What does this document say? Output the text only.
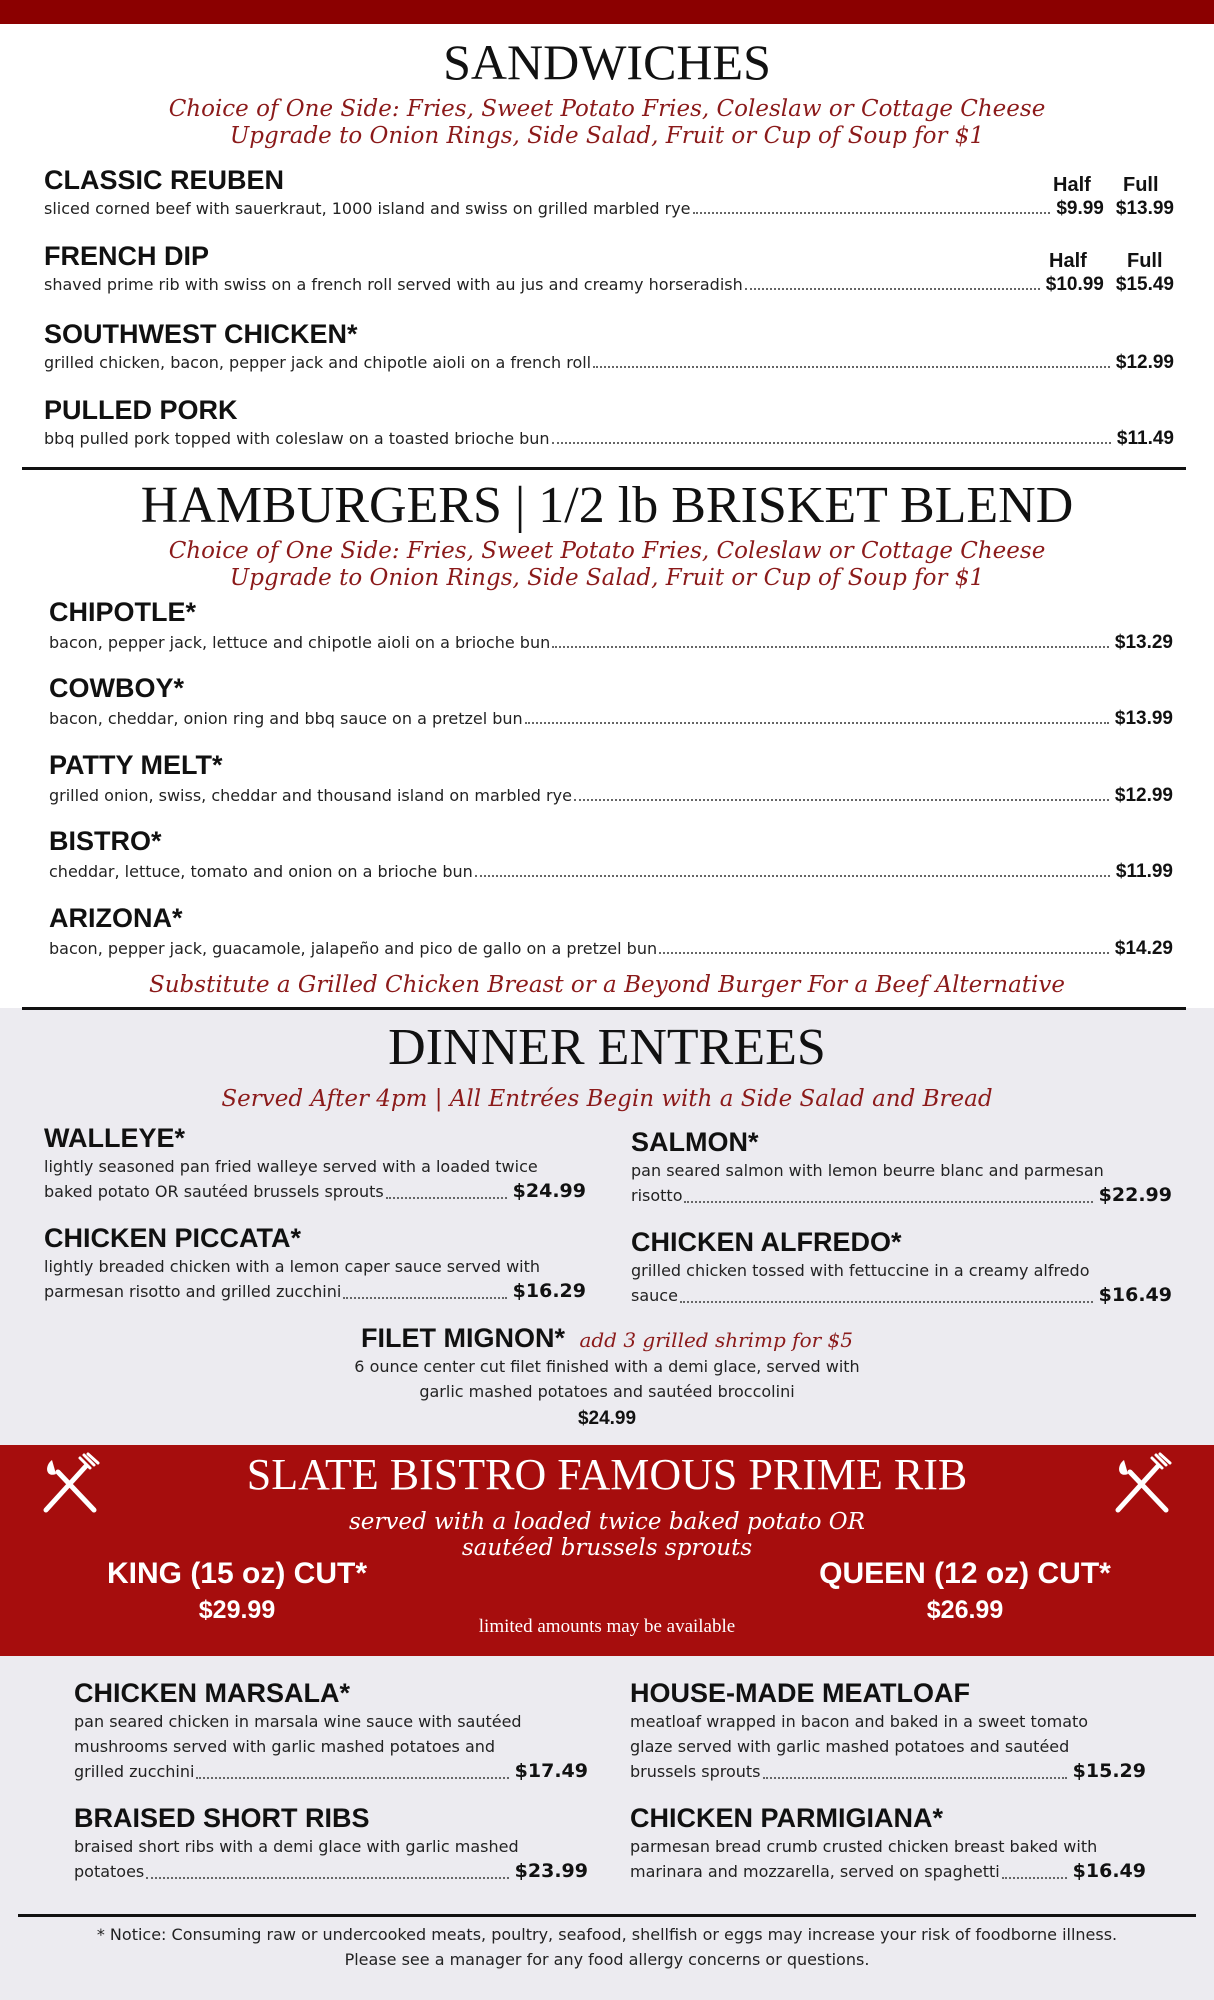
SANDWICHES
Choice of One Side: Fries, Sweet Potato Fries, Coleslaw or Cottage Cheese
Upgrade to Onion Rings, Side Salad, Fruit or Cup of Soup for $1
Half Full
CLASSIC REUBEN
sliced corned beef with sauerkraut, 1000 island and swiss on grilled marbled rye	$9.99 $13.99
Half Full
FRENCH DIP
shaved prime rib with swiss on a french roll served with au jus and creamy horseradish	$10.99 $15.49
SOUTHWEST CHICKEN*
grilled chicken, bacon, pepper jack and chipotle aioli on a french roll	$12.99
PULLED PORK
bbq pulled pork topped with coleslaw on a toasted brioche bun	$11.49
HAMBURGERS | 1/2 lb BRISKET BLEND
Choice of One Side: Fries, Sweet Potato Fries, Coleslaw or Cottage Cheese
Upgrade to Onion Rings, Side Salad, Fruit or Cup of Soup for $1
CHIPOTLE*
bacon, pepper jack, lettuce and chipotle aioli on a brioche bun	$13.29
COWBOY*
bacon, cheddar, onion ring and bbq sauce on a pretzel bun	$13.99
PATTY MELT*
grilled onion, swiss, cheddar and thousand island on marbled rye	$12.99
BISTRO*
cheddar, lettuce, tomato and onion on a brioche bun	$11.99
ARIZONA*
bacon, pepper jack, guacamole, jalapeño and pico de gallo on a pretzel bun	$14.29
Substitute a Grilled Chicken Breast or a Beyond Burger For a Beef Alternative
DINNER ENTREES
Served After 4pm | All Entrées Begin with a Side Salad and Bread
WALLEYE*
lightly seasoned pan fried walleye served with a loaded twice
baked potato OR sautéed brussels sprouts	$24.99
CHICKEN PICCATA*
lightly breaded chicken with a lemon caper sauce served with
parmesan risotto and grilled zucchini	$16.29
SALMON*
pan seared salmon with lemon beurre blanc and parmesan
risotto	$22.99
CHICKEN ALFREDO*
grilled chicken tossed with fettuccine in a creamy alfredo
sauce	$16.49
FILET MIGNON* add 3 grilled shrimp for $5
6 ounce center cut filet finished with a demi glace, served with
garlic mashed potatoes and sautéed broccolini
$24.99
SLATE BISTRO FAMOUS PRIME RIB
served with a loaded twice baked potato OR
sautéed brussels sprouts
KING (15 oz) CUT*
$29.99
QUEEN (12 oz) CUT*
$26.99
limited amounts may be available
CHICKEN MARSALA*
pan seared chicken in marsala wine sauce with sautéed
mushrooms served with garlic mashed potatoes and
grilled zucchini	$17.49
BRAISED SHORT RIBS
braised short ribs with a demi glace with garlic mashed
potatoes	$23.99
HOUSE-MADE MEATLOAF
meatloaf wrapped in bacon and baked in a sweet tomato
glaze served with garlic mashed potatoes and sautéed
brussels sprouts	$15.29
CHICKEN PARMIGIANA*
parmesan bread crumb crusted chicken breast baked with
marinara and mozzarella, served on spaghetti	$16.49
* Notice: Consuming raw or undercooked meats, poultry, seafood, shellfish or eggs may increase your risk of foodborne illness.
Please see a manager for any food allergy concerns or questions.
